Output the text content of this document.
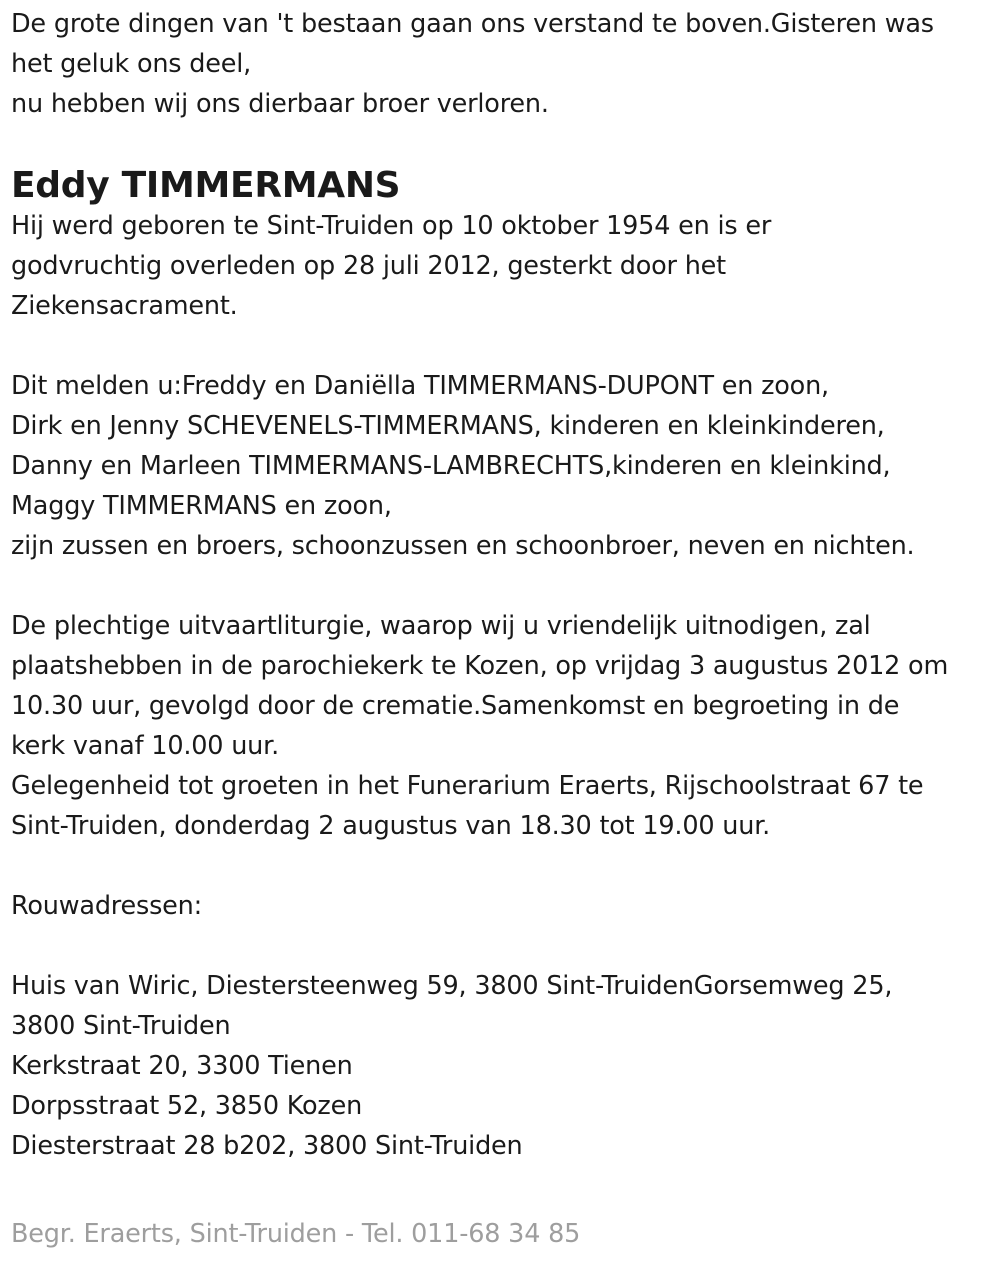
De grote dingen van 't bestaan gaan ons verstand te boven.Gisteren was
het geluk ons deel,
nu hebben wij ons dierbaar broer verloren.
Eddy TIMMERMANS
Hij werd geboren te Sint-Truiden op 10 oktober 1954 en is er
godvruchtig overleden op 28 juli 2012, gesterkt door het
Ziekensacrament.
Dit melden u:Freddy en Daniëlla TIMMERMANS-DUPONT en zoon,
Dirk en Jenny SCHEVENELS-TIMMERMANS, kinderen en kleinkinderen,
Danny en Marleen TIMMERMANS-LAMBRECHTS,kinderen en kleinkind,
Maggy TIMMERMANS en zoon,
zijn zussen en broers, schoonzussen en schoonbroer, neven en nichten.
De plechtige uitvaartliturgie, waarop wij u vriendelijk uitnodigen, zal
plaatshebben in de parochiekerk te Kozen, op vrijdag 3 augustus 2012 om
10.30 uur, gevolgd door de crematie.Samenkomst en begroeting in de
kerk vanaf 10.00 uur.
Gelegenheid tot groeten in het Funerarium Eraerts, Rijschoolstraat 67 te
Sint-Truiden, donderdag 2 augustus van 18.30 tot 19.00 uur.
Rouwadressen:
Huis van Wiric, Diestersteenweg 59, 3800 Sint-TruidenGorsemweg 25,
3800 Sint-Truiden
Kerkstraat 20, 3300 Tienen
Dorpsstraat 52, 3850 Kozen
Diesterstraat 28 b202, 3800 Sint-Truiden
Begr. Eraerts, Sint-Truiden - Tel. 011-68 34 85
